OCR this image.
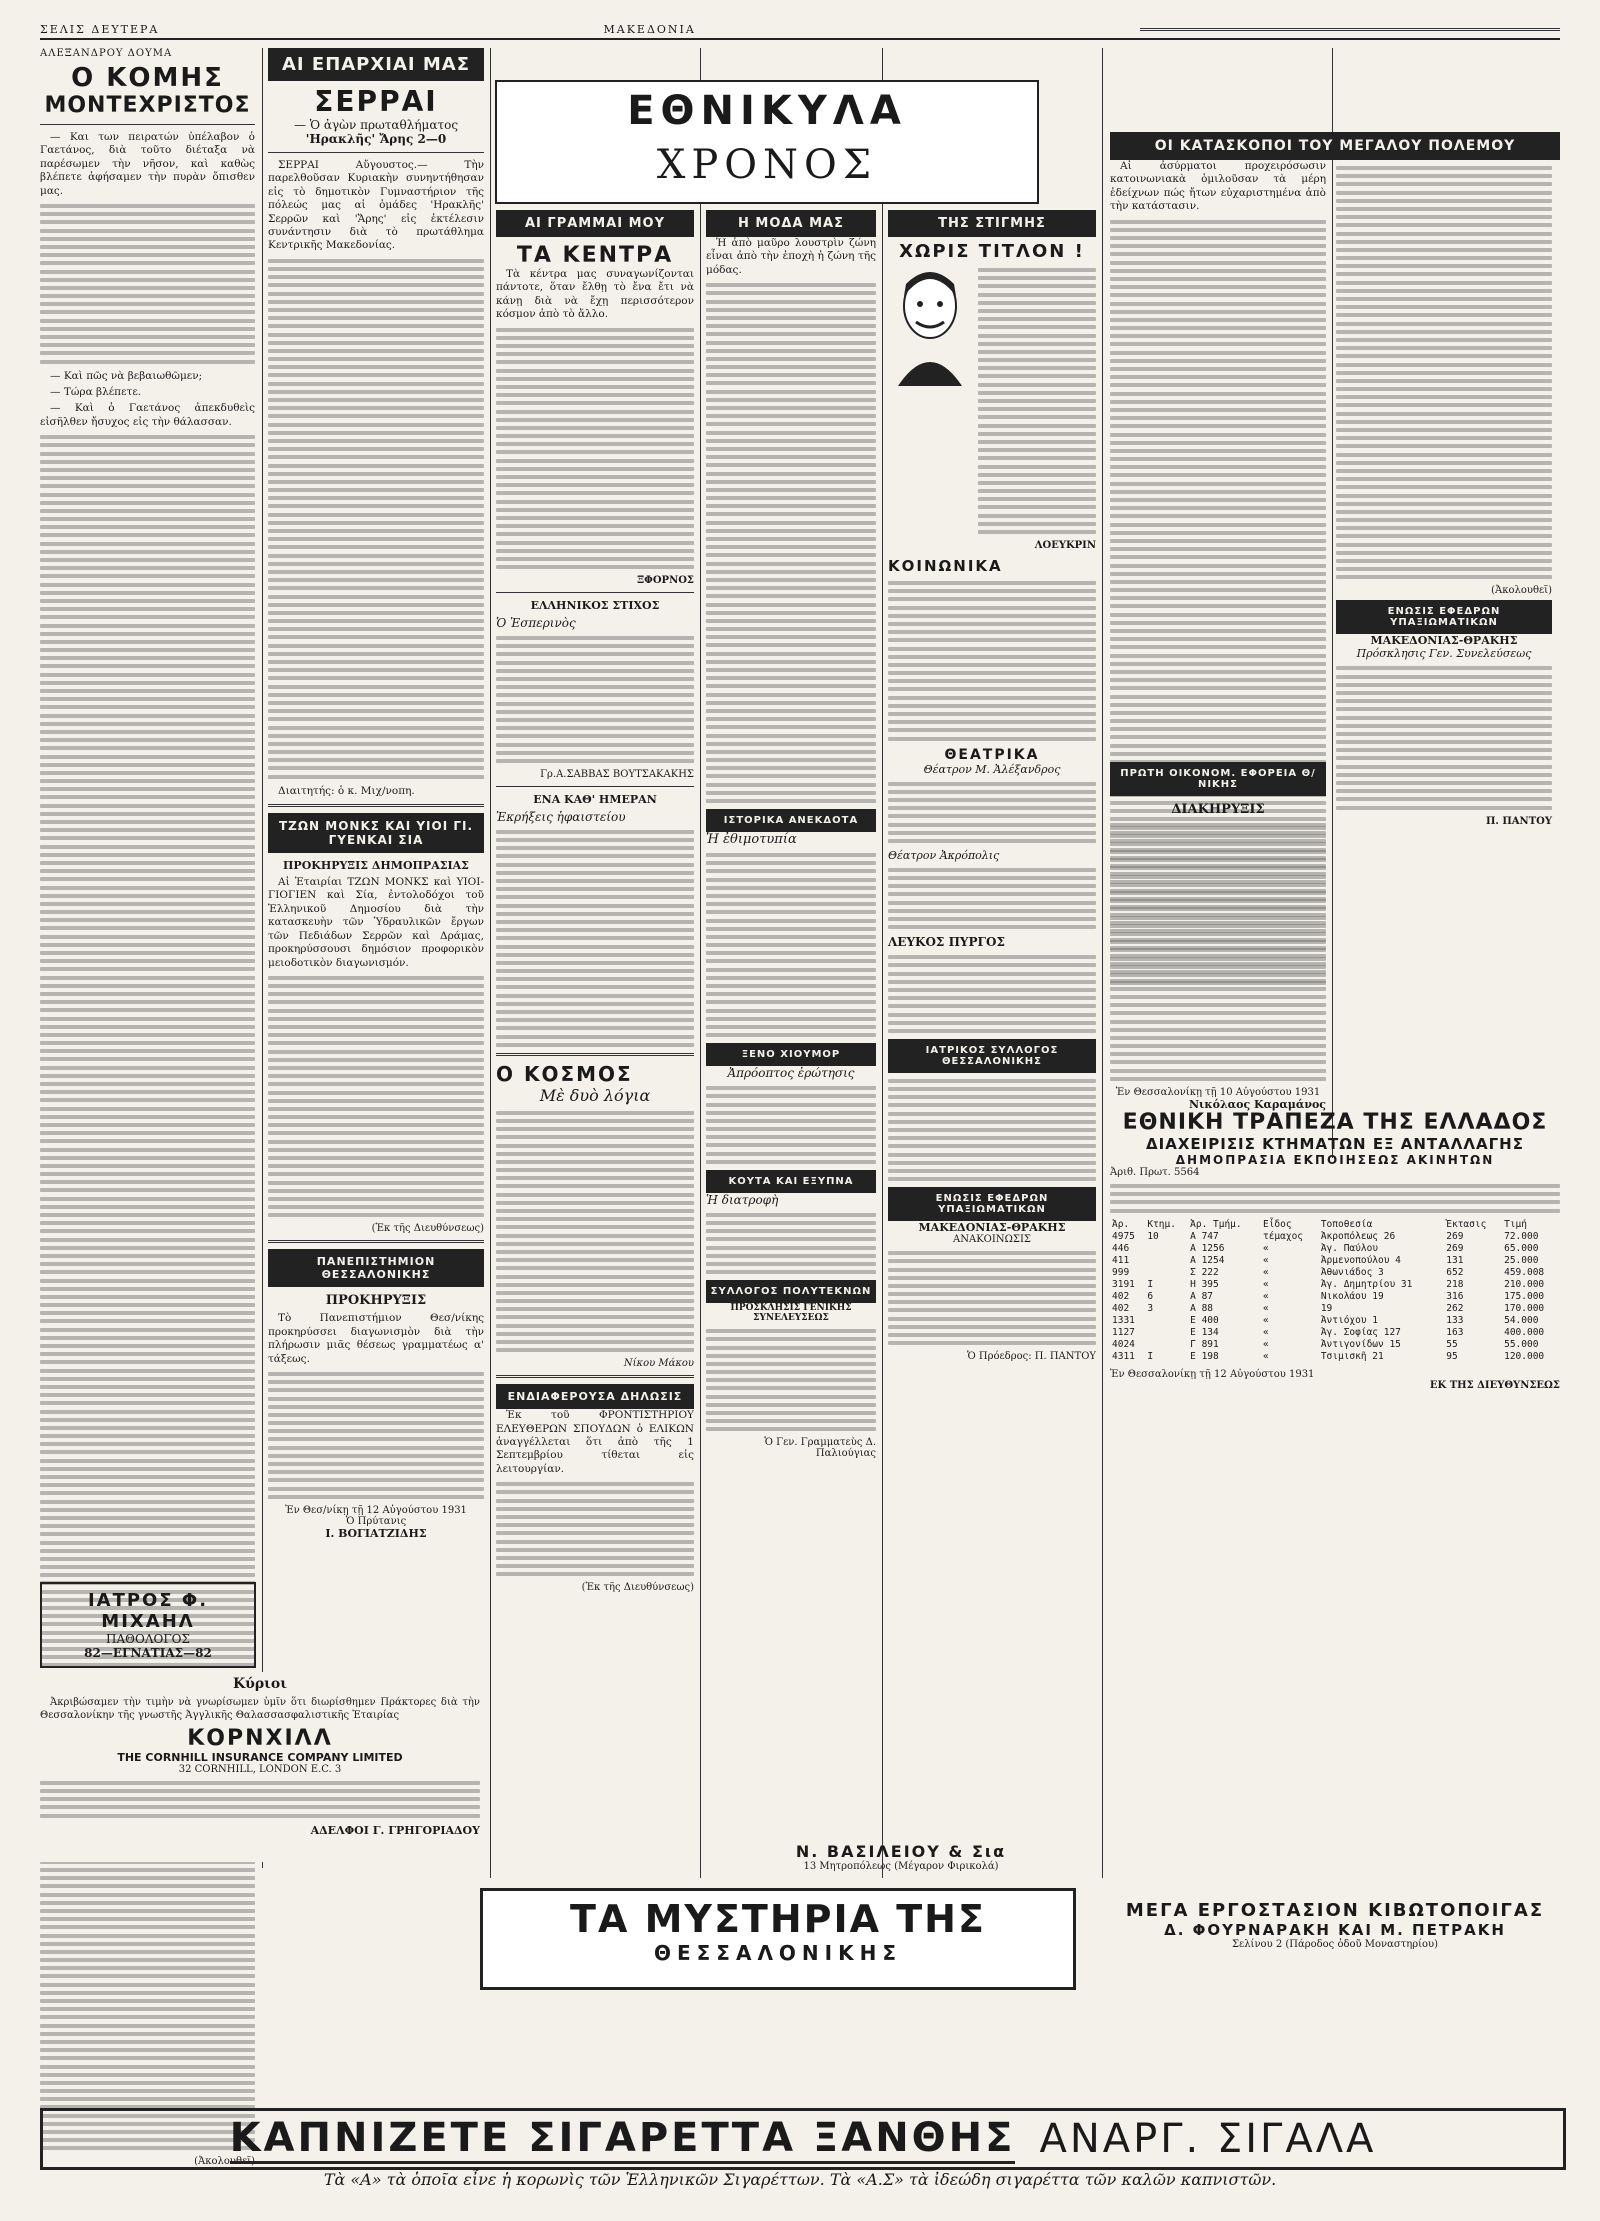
ΣΕΛΙΣ ΔΕΥΤΕΡΑ	ΜΑΚΕΔΟΝΙΑ
ΑΛΕΞΑΝΔΡΟΥ ΔΟΥΜΑ
Ο ΚΟΜΗΣ
ΜΟΝΤΕΧΡΙΣΤΟΣ

— Και των πειρατών ὑπέλαβον ὁ Γαετάνος, διὰ τοῦτο διέταξα νὰ παρέσωμεν τὴν νῆσον, καὶ καθὼς βλέπετε ἀφήσαμεν τὴν πυρὰν ὄπισθεν μας.

— Καὶ πῶς νὰ βεβαιωθῶμεν;

— Τώρα βλέπετε.

— Καὶ ὁ Γαετάνος ἀπεκδυθεὶς εἰσῆλθεν ἤσυχος εἰς τὴν θάλασσαν.

(Ἀκολουθεῖ)
ΙΑΤΡΟΣ Φ. ΜΙΧΑΗΛ
ΠΑΘΟΛΟΓΟΣ
82—ΕΓΝΑΤΙΑΣ—82
Κύριοι

Ἀκριβώσαμεν τὴν τιμὴν νὰ γνωρίσωμεν ὑμῖν ὅτι διωρίσθημεν Πράκτορες διὰ τὴν Θεσσαλονίκην τῆς γνωστῆς Ἀγγλικῆς Θαλασσασφαλιστικῆς Ἑταιρίας

ΚΟΡΝΧΙΛΛ
THE CORNHILL INSURANCE COMPANY LIMITED
32 CORNHILL, LONDON E.C. 3
ΑΔΕΛΦΟΙ Γ. ΓΡΗΓΟΡΙΑΔΟΥ
ΑΙ ΕΠΑΡΧΙΑΙ ΜΑΣ
ΣΕΡΡΑΙ
— Ὁ ἀγὼν πρωταθλήματος
'Ηρακλῆς' Ἄρης 2—0

ΣΕΡΡΑΙ Αὔγουστος.— Τὴν παρελθοῦσαν Κυριακὴν συνηντήθησαν εἰς τὸ δημοτικὸν Γυμναστήριον τῆς πόλεώς μας αἱ ὁμάδες 'Ηρακλῆς' Σερρῶν καὶ 'Ἄρης' εἰς ἐκτέλεσιν συνάντησιν διὰ τὸ πρωτάθλημα Κεντρικῆς Μακεδονίας.

Διαιτητής: ὁ κ. Μιχ/νοπη.

ΤΖΩΝ ΜΟΝΚΣ ΚΑΙ ΥΙΟΙ ΓΙ. ΓΥΕΝΚΑΙ ΣΙΑ
ΠΡΟΚΗΡΥΞΙΣ ΔΗΜΟΠΡΑΣΙΑΣ

Αἱ Ἐταιρίαι ΤΖΩΝ ΜΟΝΚΣ καὶ ΥΙΟΙ-ΓΙΟΓΙΕΝ καὶ Σία, ἐντολοδόχοι τοῦ Ἑλληνικοῦ Δημοσίου διὰ τὴν κατασκευὴν τῶν Ὑδραυλικῶν ἔργων τῶν Πεδιάδων Σερρῶν καὶ Δράμας, προκηρύσσουσι δημόσιον προφορικὸν μειοδοτικὸν διαγωνισμόν.

(Ἐκ τῆς Διευθύνσεως)
ΠΑΝΕΠΙΣΤΗΜΙΟΝ ΘΕΣΣΑΛΟΝΙΚΗΣ
ΠΡΟΚΗΡΥΞΙΣ

Τὸ Πανεπιστήμιον Θεσ/νίκης προκηρύσσει διαγωνισμὸν διὰ τὴν πλήρωσιν μιᾶς θέσεως γραμματέως α' τάξεως.

Ἐν Θεσ/νίκῃ τῇ 12 Αὐγούστου 1931
Ὁ Πρύτανις
Ι. ΒΟΓΙΑΤΖΙΔΗΣ
ΕΘΝΙΚΥΛΑ
ΧΡΟΝΟΣ
ΑΙ ΓΡΑΜΜΑΙ ΜΟΥ
ΤΑ ΚΕΝΤΡΑ

Τὰ κέντρα μας συναγωνίζονται πάντοτε, ὅταν ἔλθῃ τὸ ἔνα ἔτι νὰ κάνῃ διὰ νὰ ἔχῃ περισσότερον κόσμον ἀπὸ τὸ ἄλλο.

ΞΦΟΡΝΟΣ
ΕΛΛΗΝΙΚΟΣ ΣΤΙΧΟΣ
Ὁ Ἑσπερινὸς
Γρ.Α.ΣΑΒΒΑΣ ΒΟΥΤΣΑΚΑΚΗΣ
ΕΝΑ ΚΑΘ' ΗΜΕΡΑΝ
Ἐκρήξεις ἡφαιστείου
Ο ΚΟΣΜΟΣ
Μὲ δυὸ λόγια
Νίκου Μάκου
ΕΝΔΙΑΦΕΡΟΥΣΑ ΔΗΛΩΣΙΣ

Ἐκ τοῦ ΦΡΟΝΤΙΣΤΗΡΙΟΥ ΕΛΕΥΘΕΡΩΝ ΣΠΟΥΔΩΝ ὁ ΕΛΙΚΩΝ ἀναγγέλλεται ὅτι ἀπὸ τῆς 1 Σεπτεμβρίου τίθεται εἰς λειτουργίαν.

(Ἐκ τῆς Διευθύνσεως)
Η ΜΟΔΑ ΜΑΣ

Ἡ ἀπὸ μαῦρο λουστρὶν ζώνη εἶναι ἀπὸ τὴν ἐποχὴ ἡ ζώνη τῆς μόδας.

ΙΣΤΟΡΙΚΑ ΑΝΕΚΔΟΤΑ
Ἡ ἐθιμοτυπία
ΞΕΝΟ ΧΙΟΥΜΟΡ
Ἀπρόοπτος ἐρώτησις
ΚΟΥΤΑ ΚΑΙ ΕΞΥΠΝΑ
Ἡ διατροφὴ
ΣΥΛΛΟΓΟΣ ΠΟΛΥΤΕΚΝΩΝ
ΠΡΟΣΚΛΗΣΙΣ ΓΕΝΙΚΗΣ ΣΥΝΕΛΕΥΣΕΩΣ
Ὁ Γεν. Γραμματεὺς Δ. Παλιούγιας
ΤΗΣ ΣΤΙΓΜΗΣ
ΧΩΡΙΣ ΤΙΤΛΟΝ !
ΛΟΕΥΚΡΙΝ
ΚΟΙΝΩΝΙΚΑ
ΘΕΑΤΡΙΚΑ
Θέατρον Μ. Ἀλέξανδρος
Θέατρον Ἀκρόπολις
ΛΕΥΚΟΣ ΠΥΡΓΟΣ
ΙΑΤΡΙΚΟΣ ΣΥΛΛΟΓΟΣ ΘΕΣΣΑΛΟΝΙΚΗΣ
ΕΝΩΣΙΣ ΕΦΕΔΡΩΝ ΥΠΑΞΙΩΜΑΤΙΚΩΝ
ΜΑΚΕΔΟΝΙΑΣ-ΘΡΑΚΗΣ
ΑΝΑΚΟΙΝΩΣΙΣ
Ὁ Πρόεδρος: Π. ΠΑΝΤΟΥ
ΟΙ ΚΑΤΑΣΚΟΠΟΙ ΤΟΥ ΜΕΓΑΛΟΥ ΠΟΛΕΜΟΥ

Αἱ ἀσύρματοι προχειρόσωσιν κατοινωνιακὰ ὁμιλοῦσαν τὰ μέρη ἐδείχνων πώς ἤτων εὐχαριστημένα ἀπὸ τὴν κατάστασιν.

(Ἀκολουθεῖ)
ΕΝΩΣΙΣ ΕΦΕΔΡΩΝ ΥΠΑΞΙΩΜΑΤΙΚΩΝ
ΜΑΚΕΔΟΝΙΑΣ-ΘΡΑΚΗΣ
Πρόσκλησις Γεν. Συνελεύσεως
Π. ΠΑΝΤΟΥ
ΠΡΩΤΗ ΟΙΚΟΝΟΜ. ΕΦΟΡΕΙΑ Θ/ΝΙΚΗΣ
ΔΙΑΚΗΡΥΞΙΣ
Ἐν Θεσσαλονίκῃ τῇ 10 Αὐγούστου 1931
Νικόλαος Καραμάνος
ΕΘΝΙΚΗ ΤΡΑΠΕΖΑ ΤΗΣ ΕΛΛΑΔΟΣ
ΔΙΑΧΕΙΡΙΣΙΣ ΚΤΗΜΑΤΩΝ ΕΞ ΑΝΤΑΛΛΑΓΗΣ
ΔΗΜΟΠΡΑΣΙΑ ΕΚΠΟΙΗΣΕΩΣ ΑΚΙΝΗΤΩΝ
Ἀριθ. Πρωτ. 5564
Ἀρ.	Κτημ.	Ἀρ. Τμήμ.	Εἶδος	Τοποθεσία	Ἐκτασις	Τιμή
4975	10	Α 747	τέμαχος	Ἀκροπόλεως 26	269	72.000
446		Α 1256	«	Ἀγ. Παύλου	269	65.000
411		Α 1254	«	Ἀρμενοπούλου 4	131	25.000
999		Σ 222	«	Ἀθωνιάδος 3	652	459.008
3191	I	Η 395	«	Ἀγ. Δημητρίου 31	218	210.000
402	6	Α 87	«	Νικολάου 19	316	175.000
402	3	Α 88	«	19	262	170.000
1331		Ε 400	«	Ἀντιόχου 1	133	54.000
1127		Ε 134	«	Ἀγ. Σοφίας 127	163	400.000
4024		Γ 891	«	Ἀντιγονίδων 15	55	55.000
4311	I	Ε 198	«	Τσιμισκῆ 21	95	120.000
Ἐν Θεσσαλονίκῃ τῇ 12 Αὐγούστου 1931
ΕΚ ΤΗΣ ΔΙΕΥΘΥΝΣΕΩΣ
Ν. ΒΑΣΙΛΕΙΟΥ & Σια
13 Μητροπόλεως (Μέγαρον Φιρικολά)
ΤΑ ΜΥΣΤΗΡΙΑ ΤΗΣ
ΘΕΣΣΑΛΟΝΙΚΗΣ
ΜΕΓΑ ΕΡΓΟΣΤΑΣΙΟΝ ΚΙΒΩΤΟΠΟΙΓΑΣ
Δ. ΦΟΥΡΝΑΡΑΚΗ ΚΑΙ Μ. ΠΕΤΡΑΚΗ
Σελίνου 2 (Πάροδος ὁδοῦ Μοναστηρίου)
ΚΑΠΝΙΖΕΤΕ ΣΙΓΑΡΕΤΤΑ ΞΑΝΘΗΣ ΑΝΑΡΓ. ΣΙΓΑΛΑ
Τὰ «Α» τὰ ὁποῖα εἶνε ἡ κορωνὶς τῶν Ἑλληνικῶν Σιγαρέττων. Τὰ «Α.Σ» τὰ ἰδεώδη σιγαρέττα τῶν καλῶν καπνιστῶν.
